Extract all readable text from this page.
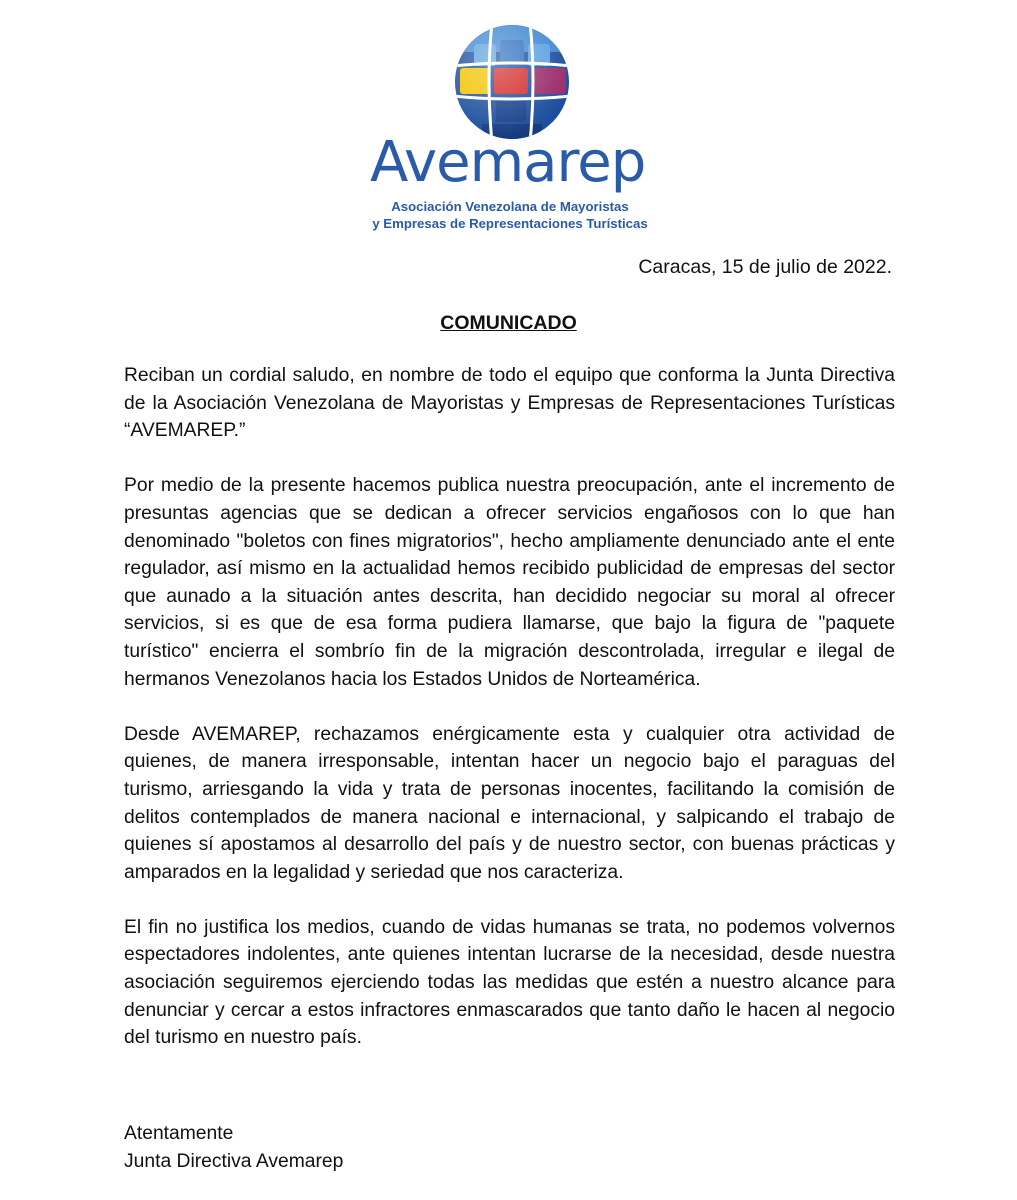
Avemarep
Asociación Venezolana de Mayoristas
y Empresas de Representaciones Turísticas
Caracas, 15 de julio de 2022.
COMUNICADO

Reciban un cordial saludo, en nombre de todo el equipo que conforma la Junta Directiva de la Asociación Venezolana de Mayoristas y Empresas de Representaciones Turísticas “AVEMAREP.”

Por medio de la presente hacemos publica nuestra preocupación, ante el incremento de presuntas agencias que se dedican a ofrecer servicios engañosos con lo que han denominado "boletos con fines migratorios", hecho ampliamente denunciado ante el ente regulador, así mismo en la actualidad hemos recibido publicidad de empresas del sector que aunado a la situación antes descrita, han decidido negociar su moral al ofrecer servicios, si es que de esa forma pudiera llamarse, que bajo la figura de "paquete turístico" encierra el sombrío fin de la migración descontrolada, irregular e ilegal de hermanos Venezolanos hacia los Estados Unidos de Norteamérica.

Desde AVEMAREP, rechazamos enérgicamente esta y cualquier otra actividad de quienes, de manera irresponsable, intentan hacer un negocio bajo el paraguas del turismo, arriesgando la vida y trata de personas inocentes, facilitando la comisión de delitos contemplados de manera nacional e internacional, y salpicando el trabajo de quienes sí apostamos al desarrollo del país y de nuestro sector, con buenas prácticas y amparados en la legalidad y seriedad que nos caracteriza.

El fin no justifica los medios, cuando de vidas humanas se trata, no podemos volvernos espectadores indolentes, ante quienes intentan lucrarse de la necesidad, desde nuestra asociación seguiremos ejerciendo todas las medidas que estén a nuestro alcance para denunciar y cercar a estos infractores enmascarados que tanto daño le hacen al negocio del turismo en nuestro país.

Atentamente
Junta Directiva Avemarep
